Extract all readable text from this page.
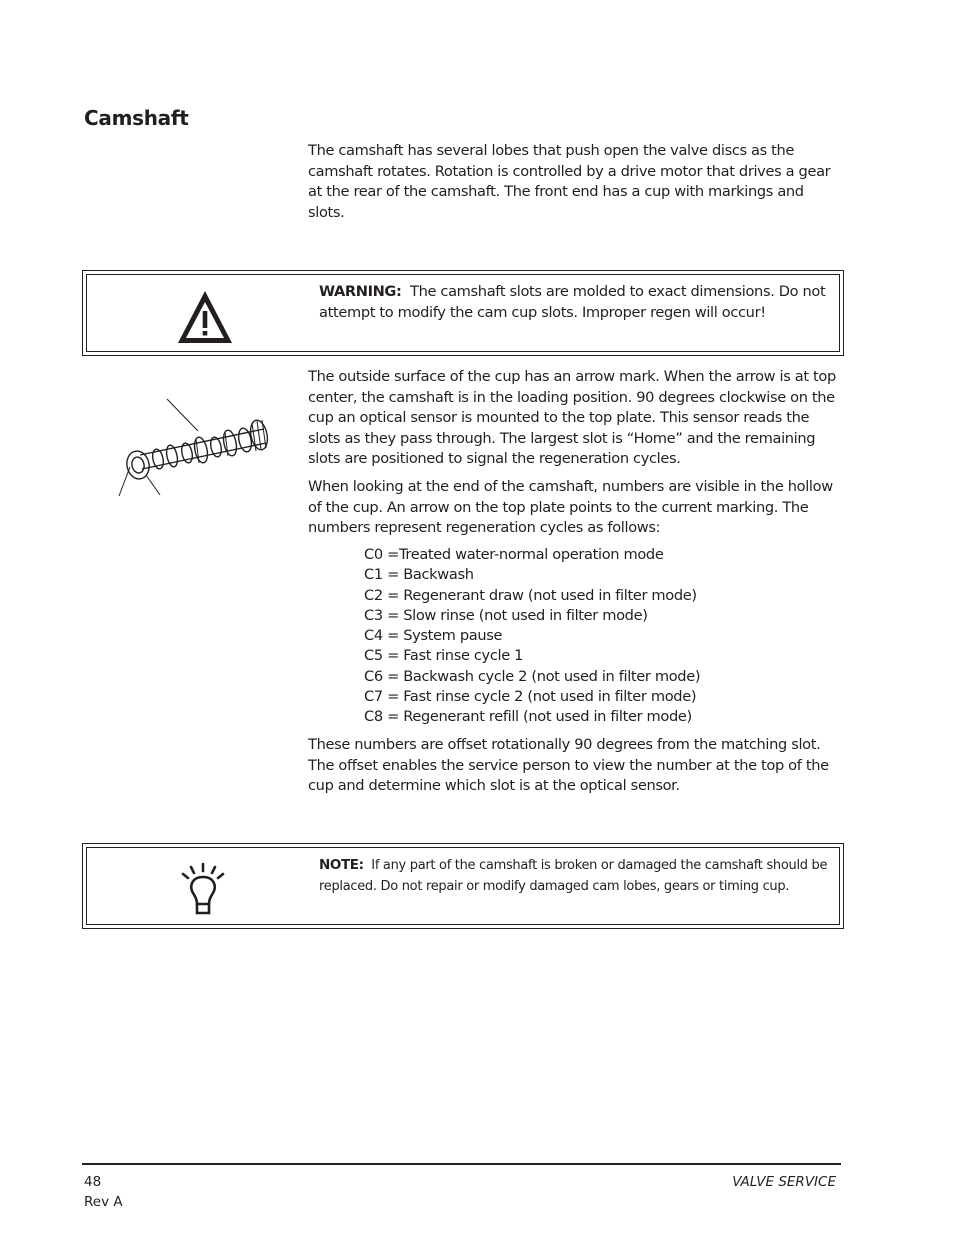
Camshaft
The camshaft has several lobes that push open the valve discs as the camshaft rotates. Rotation is controlled by a drive motor that drives a gear at the rear of the camshaft. The front end has a cup with markings and slots.
WARNING: The camshaft slots are molded to exact dimensions. Do not attempt to modify the cam cup slots. Improper regen will occur!
The outside surface of the cup has an arrow mark. When the arrow is at top center, the camshaft is in the loading position. 90 degrees clockwise on the cup an optical sensor is mounted to the top plate. This sensor reads the slots as they pass through. The largest slot is “Home” and the remaining slots are positioned to signal the regeneration cycles.
When looking at the end of the camshaft, numbers are visible in the hollow of the cup. An arrow on the top plate points to the current marking. The numbers represent regeneration cycles as follows:
C0 =Treated water-normal operation mode
C1 = Backwash
C2 = Regenerant draw (not used in filter mode)
C3 = Slow rinse (not used in filter mode)
C4 = System pause
C5 = Fast rinse cycle 1
C6 = Backwash cycle 2 (not used in filter mode)
C7 = Fast rinse cycle 2 (not used in filter mode)
C8 = Regenerant refill (not used in filter mode)
These numbers are offset rotationally 90 degrees from the matching slot. The offset enables the service person to view the number at the top of the cup and determine which slot is at the optical sensor.
NOTE: If any part of the camshaft is broken or damaged the camshaft should be replaced. Do not repair or modify damaged cam lobes, gears or timing cup.
48
Rev A
VALVE SERVICE
